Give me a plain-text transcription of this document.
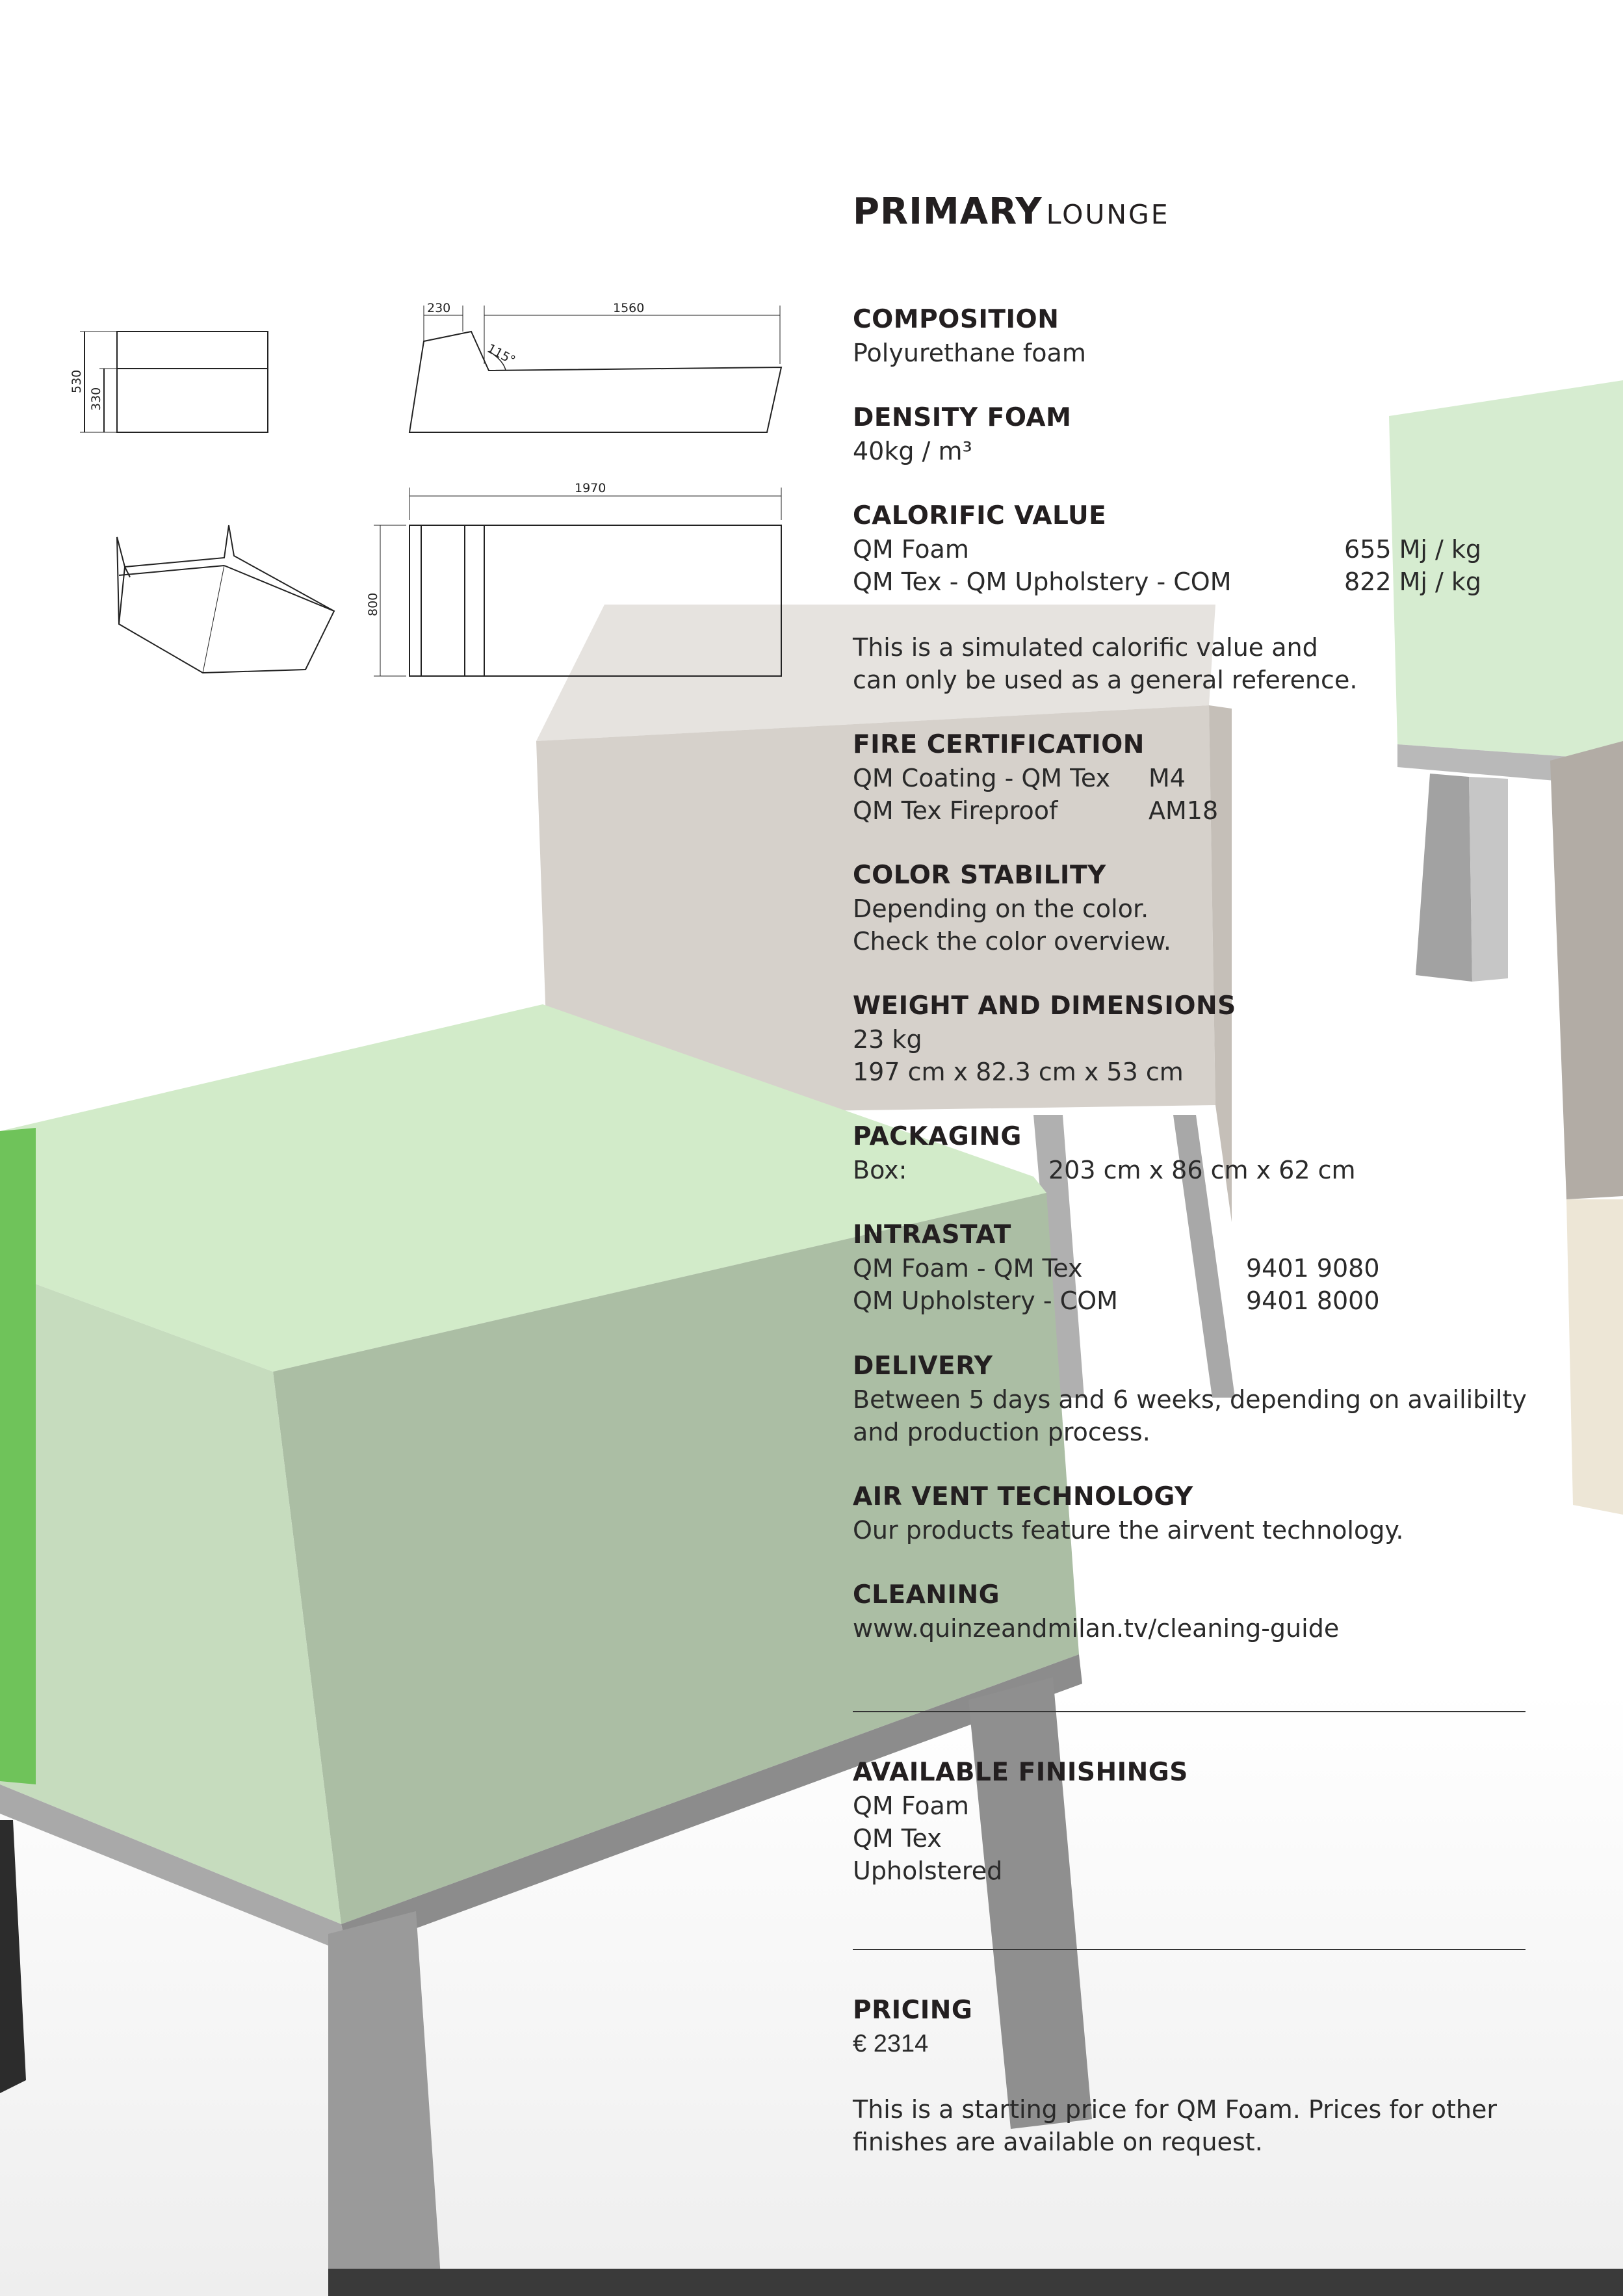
530
330
230	1560
115°
1970
800
PRIMARY LOUNGE
COMPOSITION
Polyurethane foam
DENSITY FOAM
40kg / m³
CALORIFIC VALUE
QM Foam	655 Mj / kg
QM Tex - QM Upholstery - COM	822 Mj / kg
This is a simulated calorific value and
can only be used as a general reference.
FIRE CERTIFICATION
QM Coating - QM Tex M4
QM Tex Fireproof	AM18
COLOR STABILITY
Depending on the color.
Check the color overview.
WEIGHT AND DIMENSIONS
23 kg
197 cm x 82.3 cm x 53 cm
PACKAGING
Box:	203 cm x 86 cm x 62 cm
INTRASTAT
QM Foam - QM Tex	9401 9080
QM Upholstery - COM	9401 8000
DELIVERY
Between 5 days and 6 weeks, depending on availibilty
and production process.
AIR VENT TECHNOLOGY
Our products feature the airvent technology.
CLEANING
www.quinzeandmilan.tv/cleaning-guide
AVAILABLE FINISHINGS
QM Foam
QM Tex
Upholstered
PRICING
€ 2314
This is a starting price for QM Foam. Prices for other
finishes are available on request.
